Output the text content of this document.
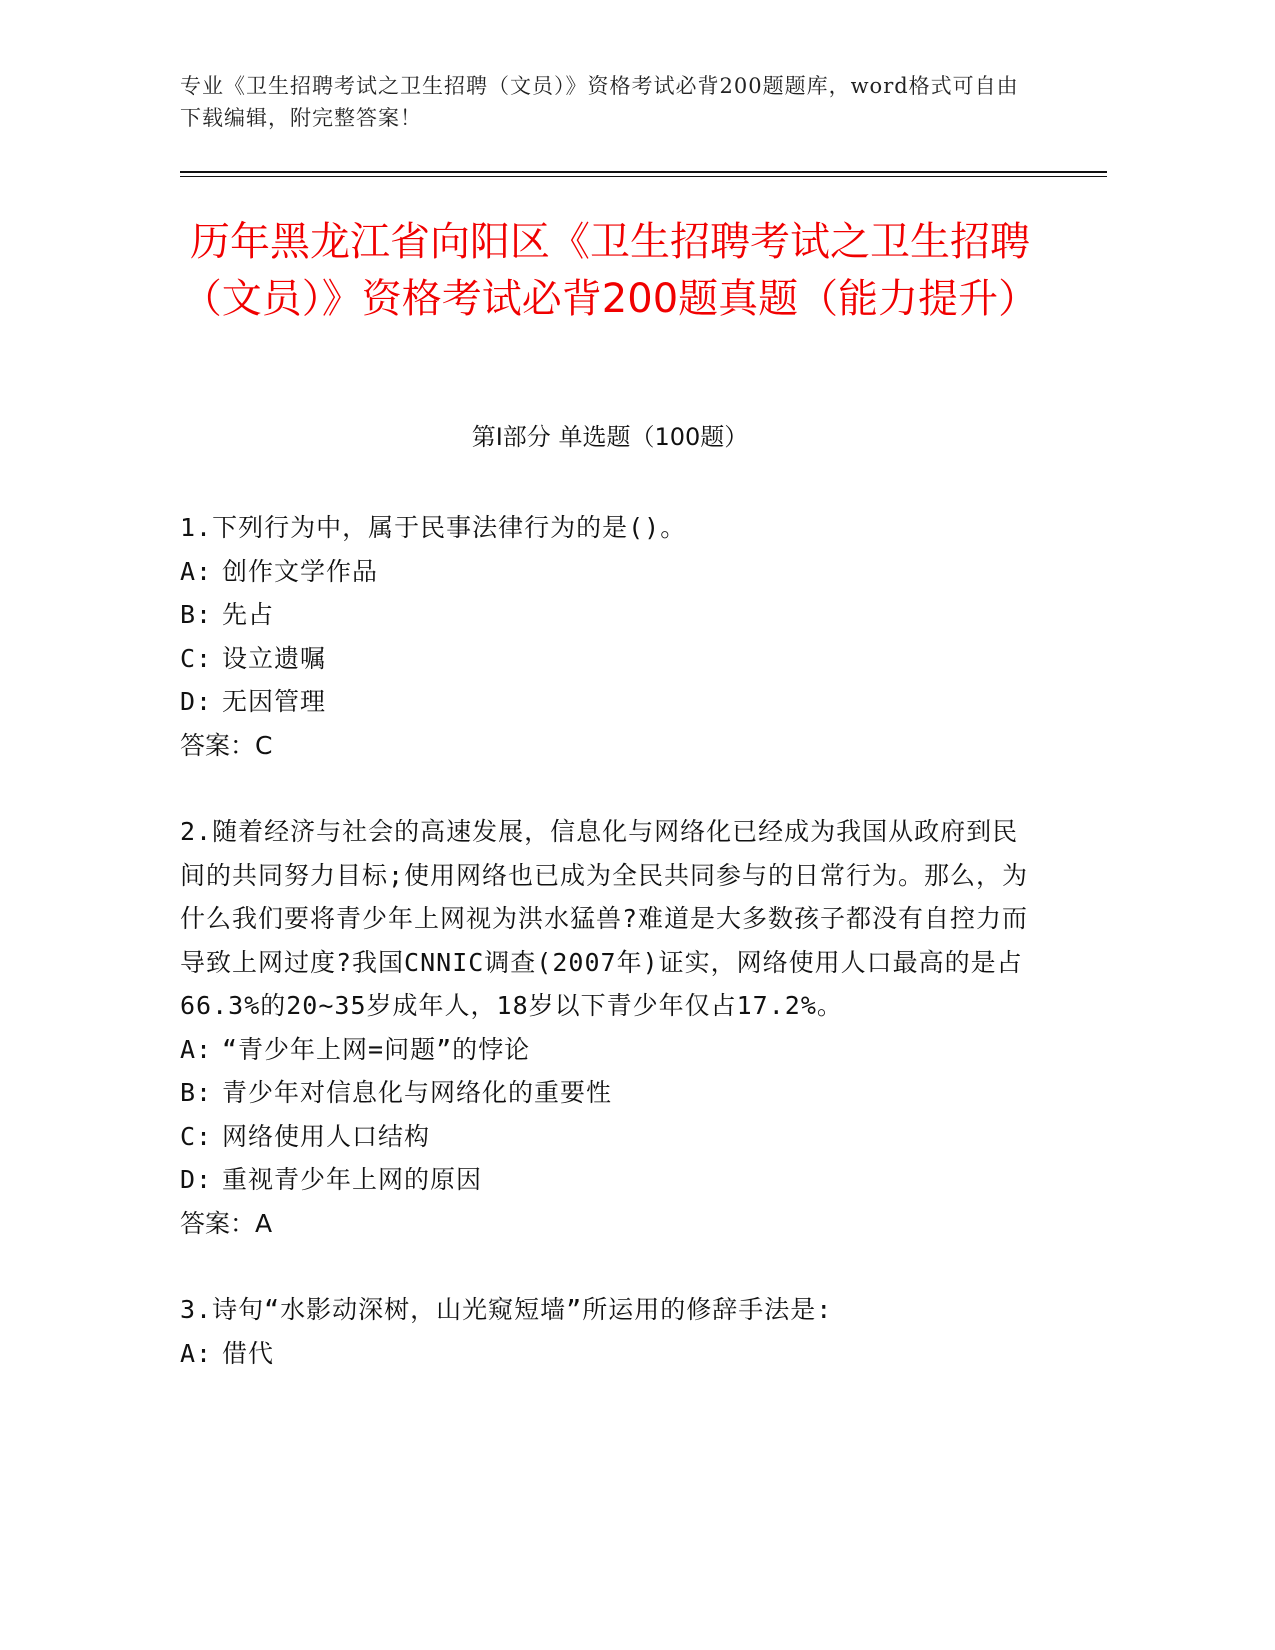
专业《卫生招聘考试之卫生招聘（文员）》资格考试必背200题题库，word格式可自由下载编辑，附完整答案！
历年黑龙江省向阳区《卫生招聘考试之卫生招聘（文员）》资格考试必背200题真题（能力提升）
第I部分 单选题（100题）

1.下列行为中，属于民事法律行为的是()。

A: 创作文学作品
B: 先占
C: 设立遗嘱
D: 无因管理
答案：C

2.随着经济与社会的高速发展，信息化与网络化已经成为我国从政府到民间的共同努力目标;使用网络也已成为全民共同参与的日常行为。那么，为什么我们要将青少年上网视为洪水猛兽?难道是大多数孩子都没有自控力而导致上网过度?我国CNNIC调查(2007年)证实，网络使用人口最高的是占66.3%的20~35岁成年人，18岁以下青少年仅占17.2%。

A: “青少年上网=问题”的悖论
B: 青少年对信息化与网络化的重要性
C: 网络使用人口结构
D: 重视青少年上网的原因
答案：A

3.诗句“水影动深树，山光窥短墙”所运用的修辞手法是:

A: 借代
